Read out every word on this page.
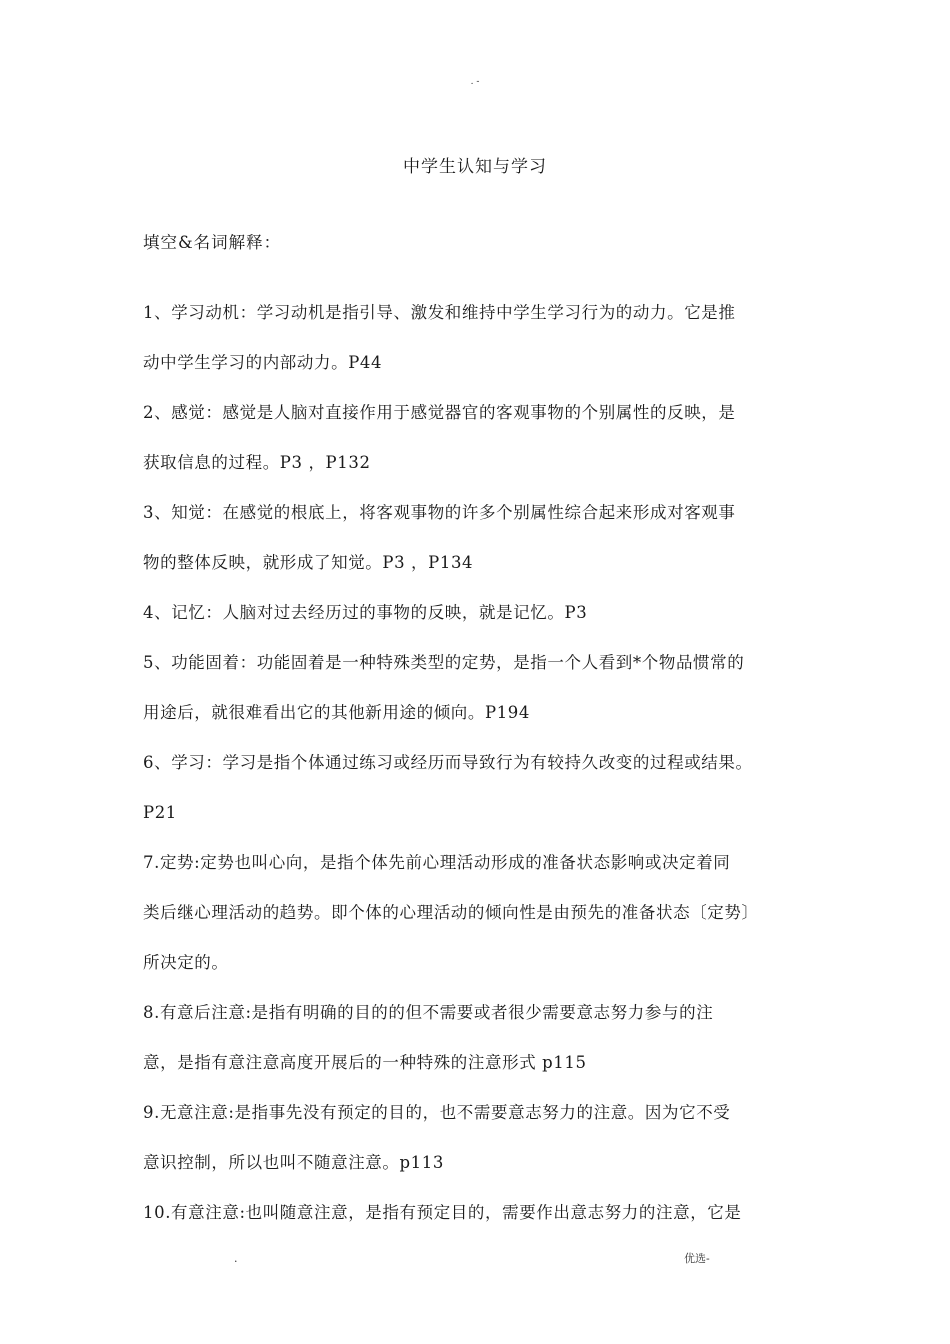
. -
中学生认知与学习
填空&名词解释：
1、学习动机：学习动机是指引导、激发和维持中学生学习行为的动力。它是推
动中学生学习的内部动力。P44
2、感觉：感觉是人脑对直接作用于感觉器官的客观事物的个别属性的反映，是
获取信息的过程。P3 ，P132
3、知觉：在感觉的根底上，将客观事物的许多个别属性综合起来形成对客观事
物的整体反映，就形成了知觉。P3 ，P134
4、记忆：人脑对过去经历过的事物的反映，就是记忆。P3
5、功能固着：功能固着是一种特殊类型的定势，是指一个人看到*个物品惯常的
用途后，就很难看出它的其他新用途的倾向。P194
6、学习：学习是指个体通过练习或经历而导致行为有较持久改变的过程或结果。
P21
7.定势:定势也叫心向，是指个体先前心理活动形成的准备状态影响或决定着同
类后继心理活动的趋势。即个体的心理活动的倾向性是由预先的准备状态〔定势〕
所决定的。
8.有意后注意:是指有明确的目的的但不需要或者很少需要意志努力参与的注
意，是指有意注意高度开展后的一种特殊的注意形式 p115
9.无意注意:是指事先没有预定的目的，也不需要意志努力的注意。因为它不受
意识控制，所以也叫不随意注意。p113
10.有意注意:也叫随意注意，是指有预定目的，需要作出意志努力的注意，它是
.	优选-
